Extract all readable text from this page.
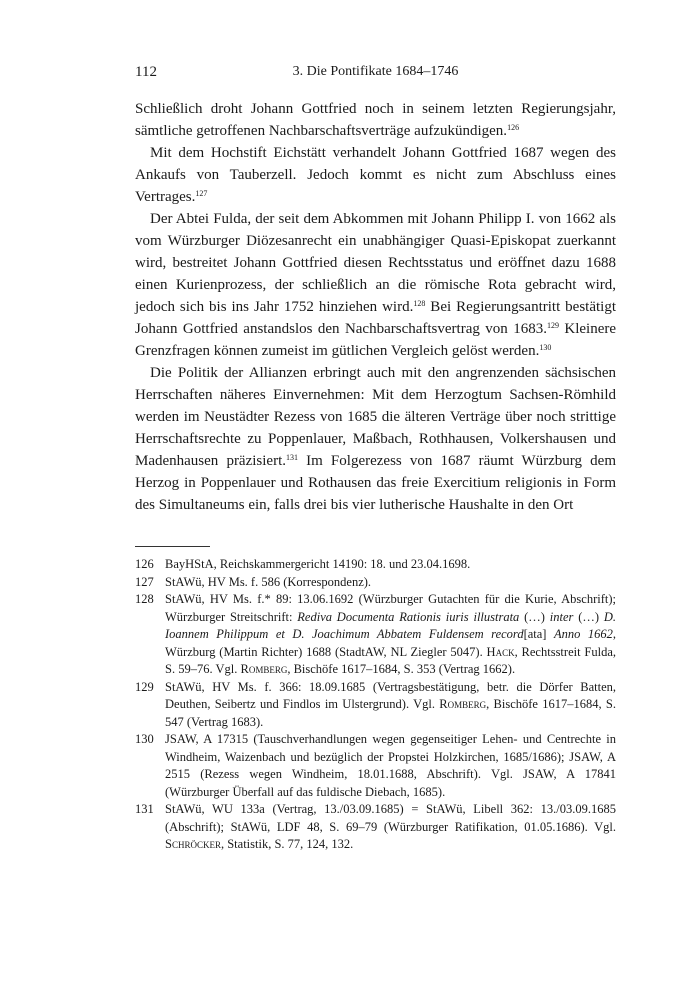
112	3. Die Pontifikate 1684–1746

Schließlich droht Johann Gottfried noch in seinem letzten Regierungsjahr, sämtliche getroffenen Nachbarschaftsverträge aufzukündigen.$^{126}$

Mit dem Hochstift Eichstätt verhandelt Johann Gottfried 1687 wegen des Ankaufs von Tauberzell. Jedoch kommt es nicht zum Abschluss eines Vertrages.$^{127}$

Der Abtei Fulda, der seit dem Abkommen mit Johann Philipp I. von 1662 als vom Würzburger Diözesanrecht ein unabhängiger Quasi-Episkopat zuerkannt wird, bestreitet Johann Gottfried diesen Rechtsstatus und eröffnet dazu 1688 einen Kurienprozess, der schließlich an die römische Rota gebracht wird, jedoch sich bis ins Jahr 1752 hinziehen wird.$^{128}$ Bei Regierungsantritt bestätigt Johann Gottfried anstandslos den Nachbarschaftsvertrag von 1683.$^{129}$ Kleinere Grenzfragen können zumeist im gütlichen Vergleich gelöst werden.$^{130}$

Die Politik der Allianzen erbringt auch mit den angrenzenden sächsischen Herrschaften näheres Einvernehmen: Mit dem Herzogtum Sachsen-Römhild werden im Neustädter Rezess von 1685 die älteren Verträge über noch strittige Herrschaftsrechte zu Poppenlauer, Maßbach, Rothhausen, Volkershausen und Madenhausen präzisiert.$^{131}$ Im Folgerezess von 1687 räumt Würzburg dem Herzog in Poppenlauer und Rothausen das freie Exercitium religionis in Form des Simultaneums ein, falls drei bis vier lutherische Haushalte in den Ort

126 BayHStA, Reichskammergericht 14190: 18. und 23.04.1698.
127 StAWü, HV Ms. f. 586 (Korrespondenz).
128 StAWü, HV Ms. f.* 89: 13.06.1692 (Würzburger Gutachten für die Kurie, Abschrift); Würzburger Streitschrift: Rediva Documenta Rationis iuris illustrata (…) inter (…) D. Ioannem Philippum et D. Joachimum Abbatem Fuldensem record[ata] Anno 1662, Würzburg (Martin Richter) 1688 (StadtAW, NL Ziegler 5047). Hack, Rechtsstreit Fulda, S. 59–76. Vgl. Romberg, Bischöfe 1617–1684, S. 353 (Vertrag 1662).
129 StAWü, HV Ms. f. 366: 18.09.1685 (Vertragsbestätigung, betr. die Dörfer Batten, Deuthen, Seibertz und Findlos im Ulstergrund). Vgl. Romberg, Bischöfe 1617–1684, S. 547 (Vertrag 1683).
130 JSAW, A 17315 (Tauschverhandlungen wegen gegenseitiger Lehen- und Centrechte in Windheim, Waizenbach und bezüglich der Propstei Holzkirchen, 1685/1686); JSAW, A 2515 (Rezess wegen Windheim, 18.01.1688, Abschrift). Vgl. JSAW, A 17841 (Würzburger Überfall auf das fuldische Diebach, 1685).
131 StAWü, WU 133a (Vertrag, 13./03.09.1685) = StAWü, Libell 362: 13./03.09.1685 (Abschrift); StAWü, LDF 48, S. 69–79 (Würzburger Ratifikation, 01.05.1686). Vgl. Schröcker, Statistik, S. 77, 124, 132.
